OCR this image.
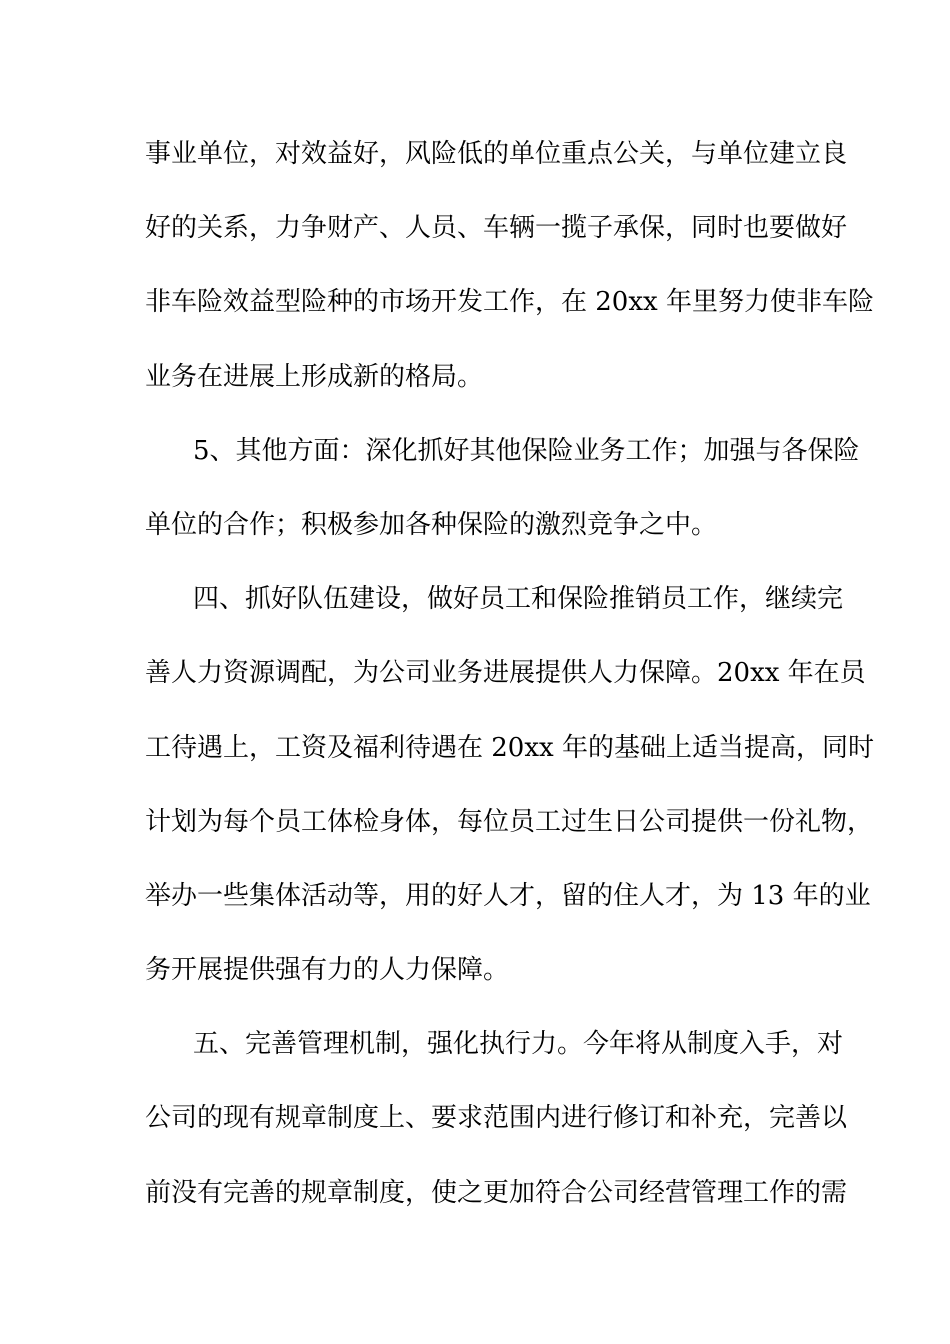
事业单位，对效益好，风险低的单位重点公关，与单位建立良
好的关系，力争财产、人员、车辆一揽子承保，同时也要做好
非车险效益型险种的市场开发工作，在 20xx 年里努力使非车险
业务在进展上形成新的格局。
5、其他方面：深化抓好其他保险业务工作；加强与各保险
单位的合作；积极参加各种保险的激烈竞争之中。
四、抓好队伍建设，做好员工和保险推销员工作，继续完
善人力资源调配，为公司业务进展提供人力保障。20xx 年在员
工待遇上，工资及福利待遇在 20xx 年的基础上适当提高，同时
计划为每个员工体检身体，每位员工过生日公司提供一份礼物，
举办一些集体活动等，用的好人才，留的住人才，为 13 年的业
务开展提供强有力的人力保障。
五、完善管理机制，强化执行力。今年将从制度入手，对
公司的现有规章制度上、要求范围内进行修订和补充，完善以
前没有完善的规章制度，使之更加符合公司经营管理工作的需
